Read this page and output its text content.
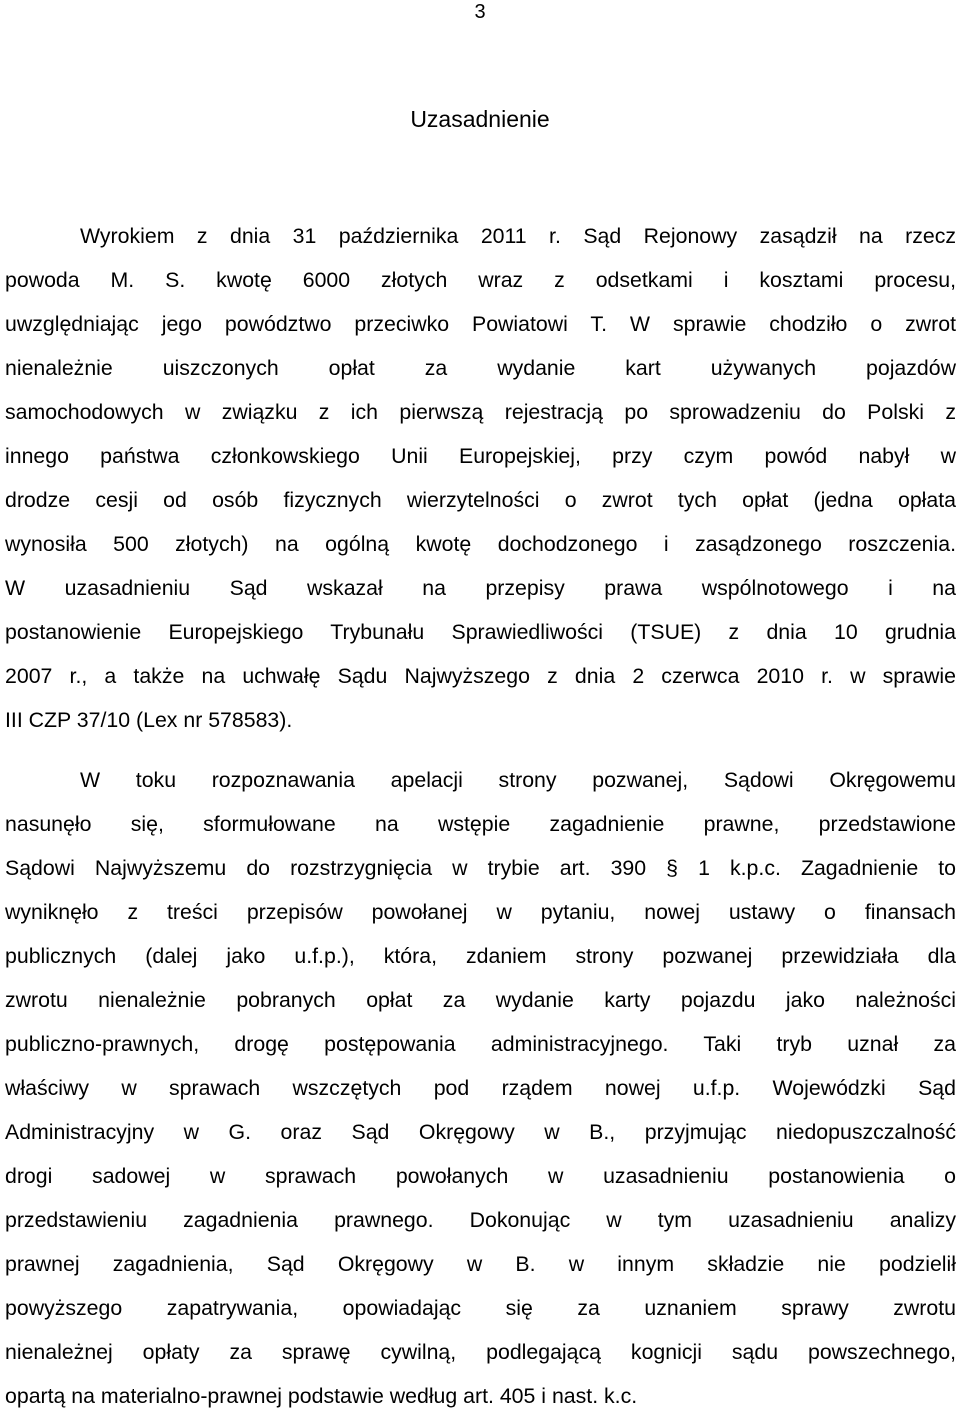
3
Uzasadnienie
Wyrokiem z dnia 31 października 2011 r. Sąd Rejonowy zasądził na rzecz
powoda M. S. kwotę 6000 złotych wraz z odsetkami i kosztami procesu,
uwzględniając jego powództwo przeciwko Powiatowi T. W sprawie chodziło o zwrot
nienależnie uiszczonych opłat za wydanie kart używanych pojazdów
samochodowych w związku z ich pierwszą rejestracją po sprowadzeniu do Polski z
innego państwa członkowskiego Unii Europejskiej, przy czym powód nabył w
drodze cesji od osób fizycznych wierzytelności o zwrot tych opłat (jedna opłata
wynosiła 500 złotych) na ogólną kwotę dochodzonego i zasądzonego roszczenia.
W uzasadnieniu Sąd wskazał na przepisy prawa wspólnotowego i na
postanowienie Europejskiego Trybunału Sprawiedliwości (TSUE) z dnia 10 grudnia
2007 r., a także na uchwałę Sądu Najwyższego z dnia 2 czerwca 2010 r. w sprawie
III CZP 37/10 (Lex nr 578583).
W toku rozpoznawania apelacji strony pozwanej, Sądowi Okręgowemu
nasunęło się, sformułowane na wstępie zagadnienie prawne, przedstawione
Sądowi Najwyższemu do rozstrzygnięcia w trybie art. 390 § 1 k.p.c. Zagadnienie to
wyniknęło z treści przepisów powołanej w pytaniu, nowej ustawy o finansach
publicznych (dalej jako u.f.p.), która, zdaniem strony pozwanej przewidziała dla
zwrotu nienależnie pobranych opłat za wydanie karty pojazdu jako należności
publiczno-prawnych, drogę postępowania administracyjnego. Taki tryb uznał za
właściwy w sprawach wszczętych pod rządem nowej u.f.p. Wojewódzki Sąd
Administracyjny w G. oraz Sąd Okręgowy w B., przyjmując niedopuszczalność
drogi sadowej w sprawach powołanych w uzasadnieniu postanowienia o
przedstawieniu zagadnienia prawnego. Dokonując w tym uzasadnieniu analizy
prawnej zagadnienia, Sąd Okręgowy w B. w innym składzie nie podzielił
powyższego zapatrywania, opowiadając się za uznaniem sprawy zwrotu
nienależnej opłaty za sprawę cywilną, podlegającą kognicji sądu powszechnego,
opartą na materialno-prawnej podstawie według art. 405 i nast. k.c.
